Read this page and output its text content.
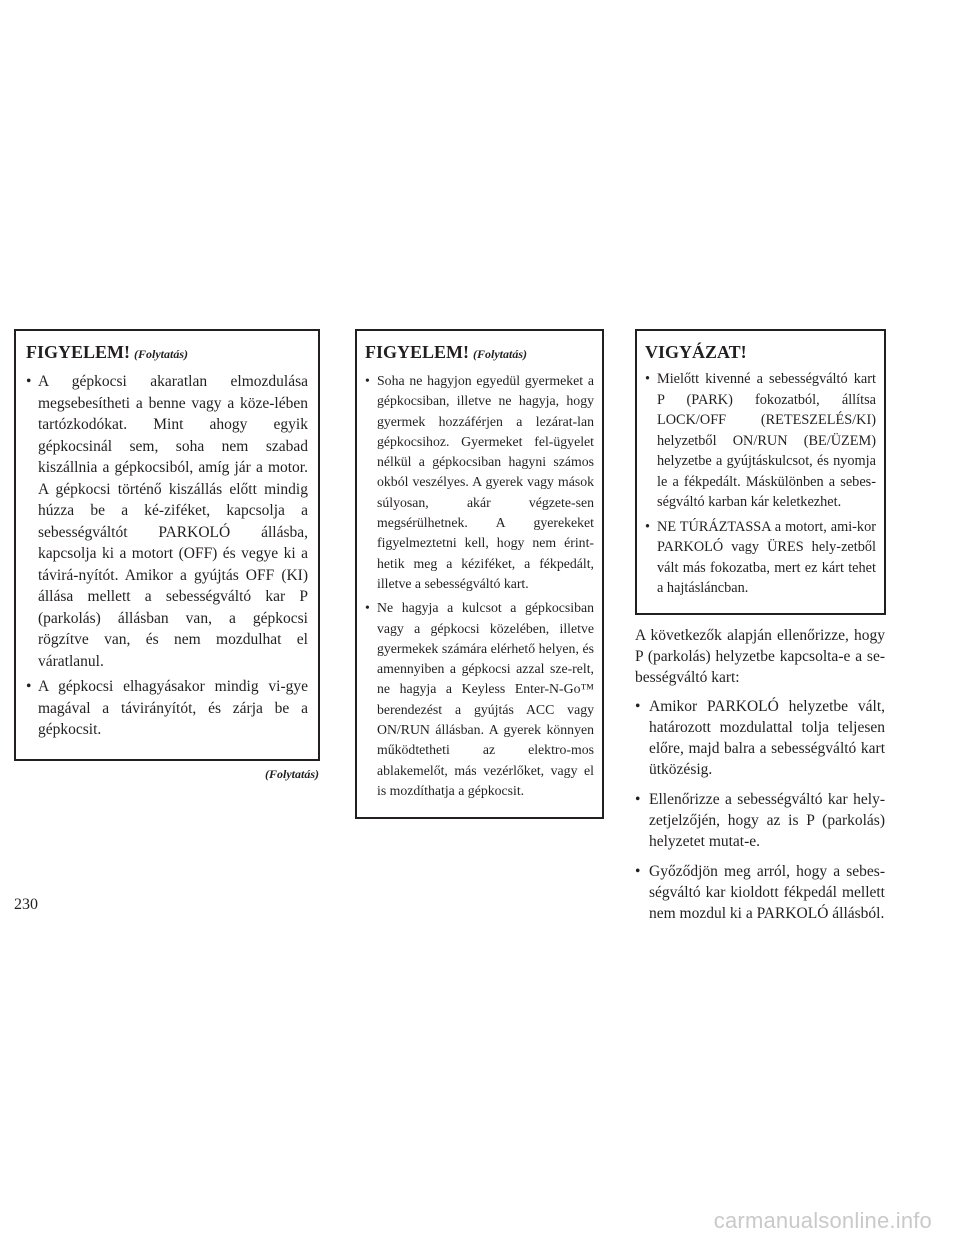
FIGYELEM! (Folytatás)
• A gépkocsi akaratlan elmozdulása megsebesítheti a benne vagy a köze-lében tartózkodókat. Mint ahogy egyik gépkocsinál sem, soha nem szabad kiszállnia a gépkocsiból, amíg jár a motor. A gépkocsi történő kiszállás előtt mindig húzza be a ké-ziféket, kapcsolja a sebességváltót PARKOLÓ állásba, kapcsolja ki a motort (OFF) és vegye ki a távirá-nyítót. Amikor a gyújtás OFF (KI) állása mellett a sebességváltó kar P (parkolás) állásban van, a gépkocsi rögzítve van, és nem mozdulhat el váratlanul.
• A gépkocsi elhagyásakor mindig vi-gye magával a távirányítót, és zárja be a gépkocsit.
(Folytatás)
FIGYELEM! (Folytatás)
• Soha ne hagyjon egyedül gyermeket a gépkocsiban, illetve ne hagyja, hogy gyermek hozzáférjen a lezárat-lan gépkocsihoz. Gyermeket fel-ügyelet nélkül a gépkocsiban hagyni számos okból veszélyes. A gyerek vagy mások súlyosan, akár végzete-sen megsérülhetnek. A gyerekeket figyelmeztetni kell, hogy nem érint-hetik meg a kéziféket, a fékpedált, illetve a sebességváltó kart.
• Ne hagyja a kulcsot a gépkocsiban vagy a gépkocsi közelében, illetve gyermekek számára elérhető helyen, és amennyiben a gépkocsi azzal sze-relt, ne hagyja a Keyless Enter-N-Go™ berendezést a gyújtás ACC vagy ON/RUN állásban. A gyerek könnyen működtetheti az elektro-mos ablakemelőt, más vezérlőket, vagy el is mozdíthatja a gépkocsit.
VIGYÁZAT!
• Mielőtt kivenné a sebességváltó kart P (PARK) fokozatból, állítsa LOCK/OFF (RETESZELÉS/KI) helyzetből ON/RUN (BE/ÜZEM) helyzetbe a gyújtáskulcsot, és nyomja le a fékpedált. Máskülönben a sebes-ségváltó karban kár keletkezhet.
• NE TÚRÁZTASSA a motort, ami-kor PARKOLÓ vagy ÜRES hely-zetből vált más fokozatba, mert ez kárt tehet a hajtásláncban.

A következők alapján ellenőrizze, hogy P (parkolás) helyzetbe kapcsolta-e a se-bességváltó kart:

• Amikor PARKOLÓ helyzetbe vált, határozott mozdulattal tolja teljesen előre, majd balra a sebességváltó kart ütközésig.
• Ellenőrizze a sebességváltó kar hely-zetjelzőjén, hogy az is P (parkolás) helyzetet mutat-e.
• Győződjön meg arról, hogy a sebes-ségváltó kar kioldott fékpedál mellett nem mozdul ki a PARKOLÓ állásból.
230
carmanualsonline.info
